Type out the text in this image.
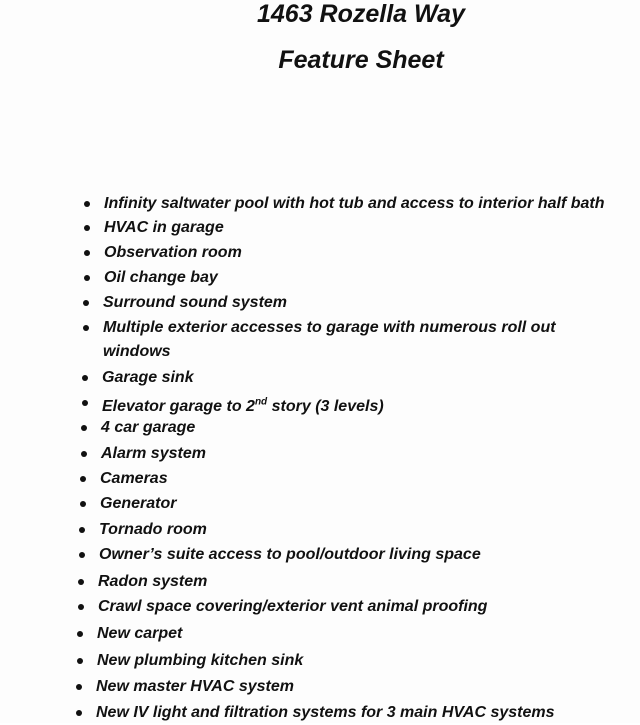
1463 Rozella Way
Feature Sheet
Infinity saltwater pool with hot tub and access to interior half bath
HVAC in garage
Observation room
Oil change bay
Surround sound system
Multiple exterior accesses to garage with numerous roll out windows
Garage sink
Elevator garage to 2nd story (3 levels)
4 car garage
Alarm system
Cameras
Generator
Tornado room
Owner’s suite access to pool/outdoor living space
Radon system
Crawl space covering/exterior vent animal proofing
New carpet
New plumbing kitchen sink
New master HVAC system
New IV light and filtration systems for 3 main HVAC systems
